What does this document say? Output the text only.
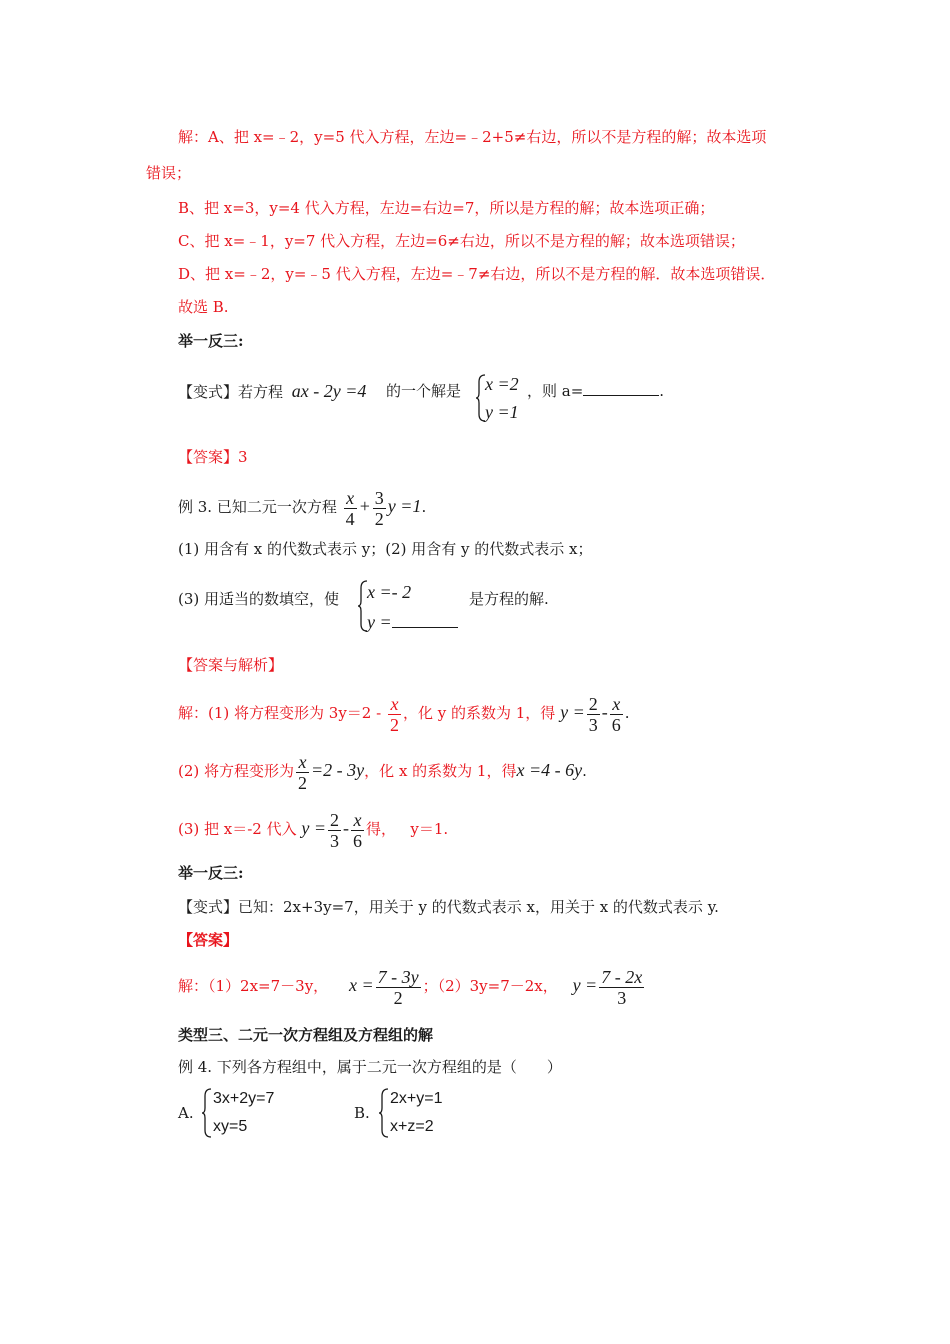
解：A、把 x=﹣2，y=5 代入方程，左边=﹣2+5≠右边，所以不是方程的解；故本选项
错误；
B、把 x=3，y=4 代入方程，左边=右边=7，所以是方程的解；故本选项正确；
C、把 x=﹣1，y=7 代入方程，左边=6≠右边，所以不是方程的解；故本选项错误；
D、把 x=﹣2，y=﹣5 代入方程，左边=﹣7≠右边，所以不是方程的解．故本选项错误．
故选 B.
举一反三:
【变式】若方程 ax - 2y =4 的一个解是 x =2
y =1
，则 a=	.
【答案】3
例 3. 已知二元一次方程 $\frac{x}{4} + \frac{3}{2}$ y =1.
(1) 用含有 x 的代数式表示 y；(2) 用含有 y 的代数式表示 x；
(3) 用适当的数填空，使 x =- 2
y =
是方程的解.
【答案与解析】
解：(1) 将方程变形为 $3y=2 - \frac{x}{2}$ ，化 y 的系数为 1，得 $y = \frac{2}{3} - \frac{x}{6}$ .
(2) 将方程变形为 $\frac{x}{2} =2 - 3y$，化 x 的系数为 1，得x =4 - 6y.
(3) 把 x＝-2 代入 $y = \frac{2}{3} - \frac{x}{6}$ 得， y＝1.
举一反三:
【变式】已知：2x+3y=7，用关于 y 的代数式表示 x，用关于 x 的代数式表示 y.
【答案】
解：（1）2x=7－3y， $x = \frac{7 - 3y}{2}$ ；（2）3y=7－2x， $y = \frac{7 - 2x}{3}$
类型三、二元一次方程组及方程组的解
例 4. 下列各方程组中，属于二元一次方程组的是（　　）
A.
3x+2y=7
xy=5
B.
2x+y=1
x+z=2
